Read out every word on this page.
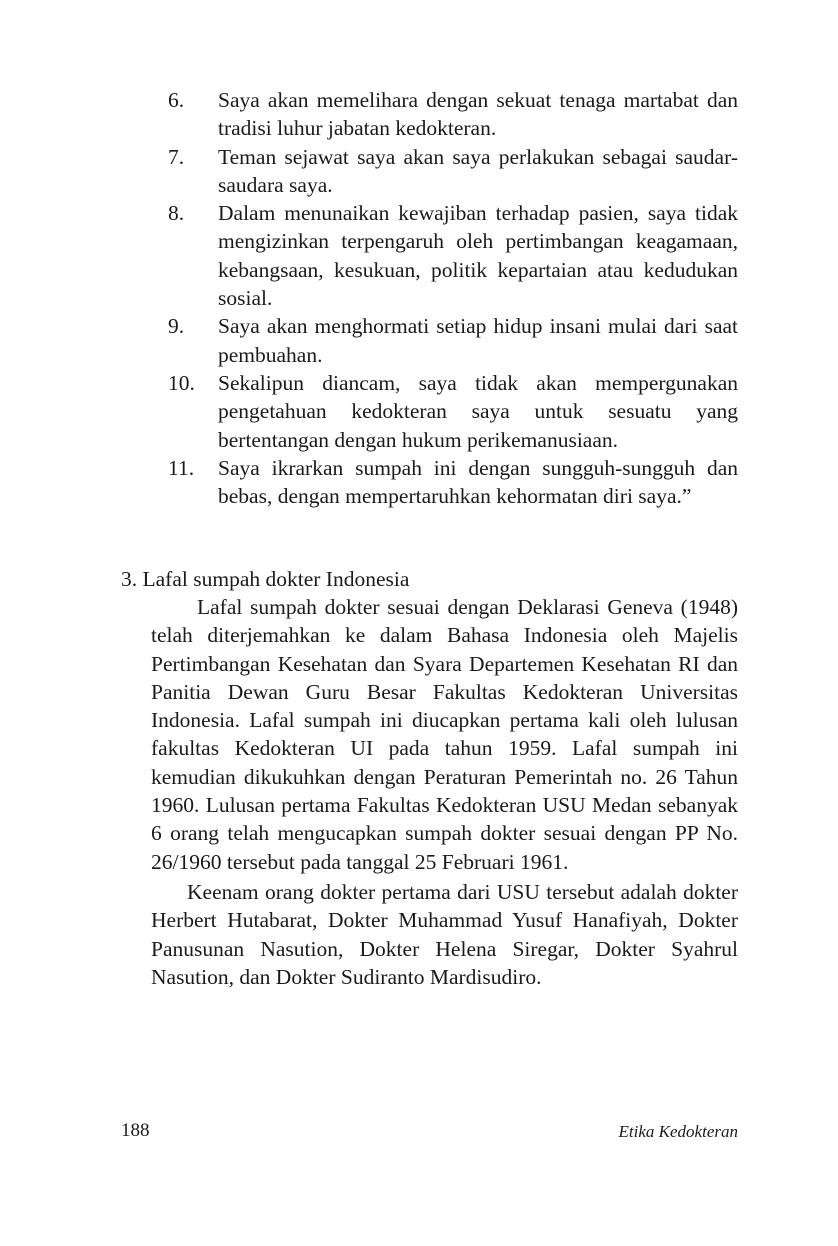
6.	Saya akan memelihara dengan sekuat tenaga martabat dan tradisi luhur jabatan kedokteran.
7.	Teman sejawat saya akan saya perlakukan sebagai saudar-saudara saya.
8.	Dalam menunaikan kewajiban terhadap pasien, saya tidak mengizinkan terpengaruh oleh pertimbangan keagamaan, kebangsaan, kesukuan, politik kepartaian atau kedudukan sosial.
9.	Saya akan menghormati setiap hidup insani mulai dari saat pembuahan.
10.	Sekalipun diancam, saya tidak akan mempergunakan pengetahuan kedokteran saya untuk sesuatu yang bertentangan dengan hukum perikemanusiaan.
11.	Saya ikrarkan sumpah ini dengan sungguh-sungguh dan bebas, dengan mempertaruhkan kehormatan diri saya.”
3. Lafal sumpah dokter Indonesia

Lafal sumpah dokter sesuai dengan Deklarasi Geneva (1948) telah diterjemahkan ke dalam Bahasa Indonesia oleh Majelis Pertimbangan Kesehatan dan Syara Departemen Kesehatan RI dan Panitia Dewan Guru Besar Fakultas Kedokteran Universitas Indonesia. Lafal sumpah ini diucapkan pertama kali oleh lulusan fakultas Kedokteran UI pada tahun 1959. Lafal sumpah ini kemudian dikukuhkan dengan Peraturan Pemerintah no. 26 Tahun 1960. Lulusan pertama Fakultas Kedokteran USU Medan sebanyak 6 orang telah mengucapkan sumpah dokter sesuai dengan PP No. 26/1960 tersebut pada tanggal 25 Februari 1961.

Keenam orang dokter pertama dari USU tersebut adalah dokter Herbert Hutabarat, Dokter Muhammad Yusuf Hanafiyah, Dokter Panusunan Nasution, Dokter Helena Siregar, Dokter Syahrul Nasution, dan Dokter Sudiranto Mardisudiro.

188	Etika Kedokteran
